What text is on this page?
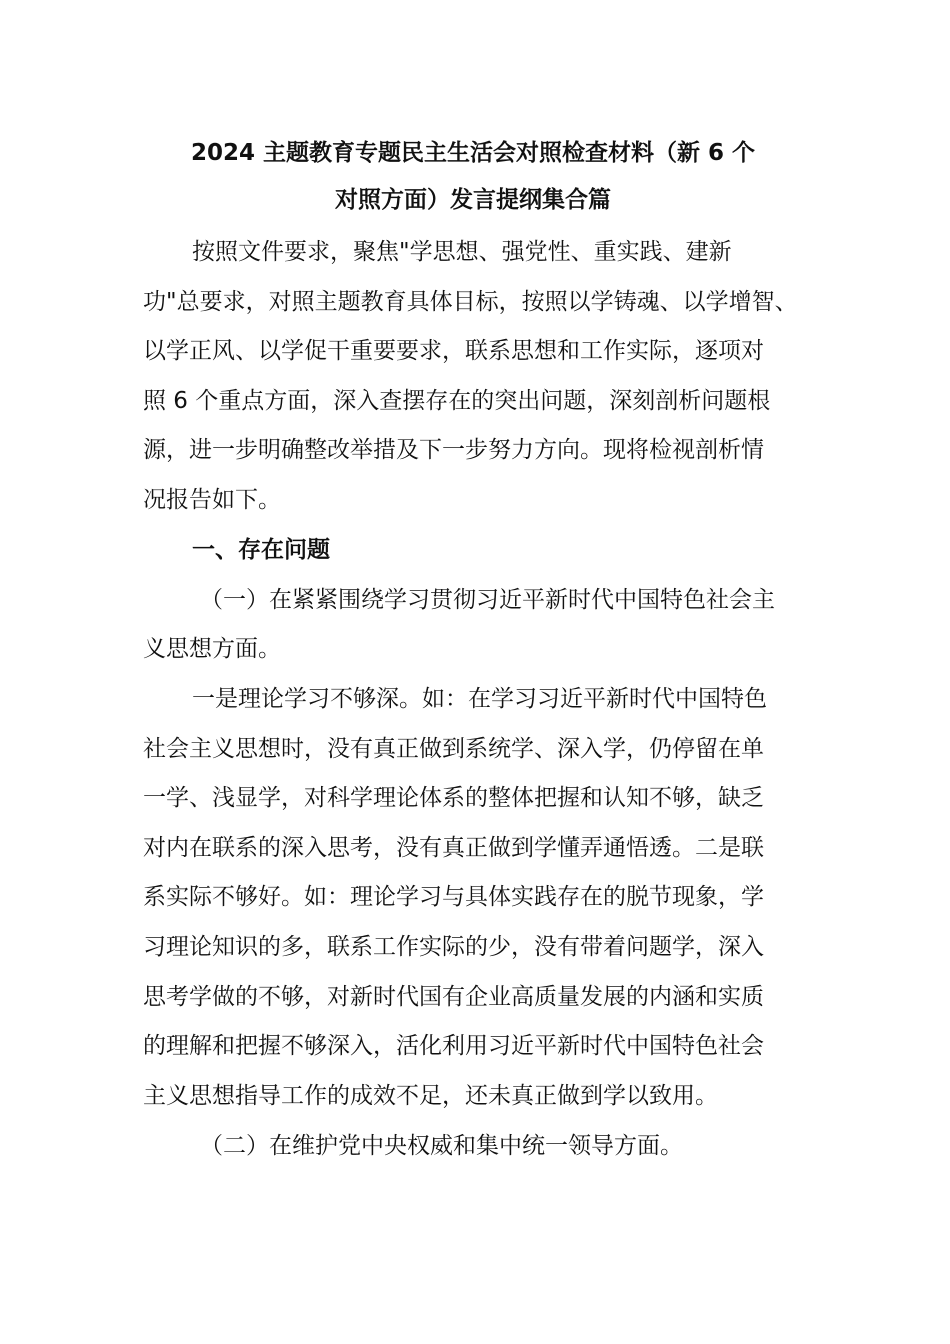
2024 主题教育专题民主生活会对照检查材料（新 6 个
对照方面）发言提纲集合篇

按照文件要求，聚焦"学思想、强党性、重实践、建新

功"总要求，对照主题教育具体目标，按照以学铸魂、以学增智、

以学正风、以学促干重要要求，联系思想和工作实际，逐项对

照 6 个重点方面，深入查摆存在的突出问题，深刻剖析问题根

源，进一步明确整改举措及下一步努力方向。现将检视剖析情

况报告如下。

一、存在问题

（一）在紧紧围绕学习贯彻习近平新时代中国特色社会主

义思想方面。

一是理论学习不够深。如：在学习习近平新时代中国特色

社会主义思想时，没有真正做到系统学、深入学，仍停留在单

一学、浅显学，对科学理论体系的整体把握和认知不够，缺乏

对内在联系的深入思考，没有真正做到学懂弄通悟透。二是联

系实际不够好。如：理论学习与具体实践存在的脱节现象，学

习理论知识的多，联系工作实际的少，没有带着问题学，深入

思考学做的不够，对新时代国有企业高质量发展的内涵和实质

的理解和把握不够深入，活化利用习近平新时代中国特色社会

主义思想指导工作的成效不足，还未真正做到学以致用。

（二）在维护党中央权威和集中统一领导方面。
